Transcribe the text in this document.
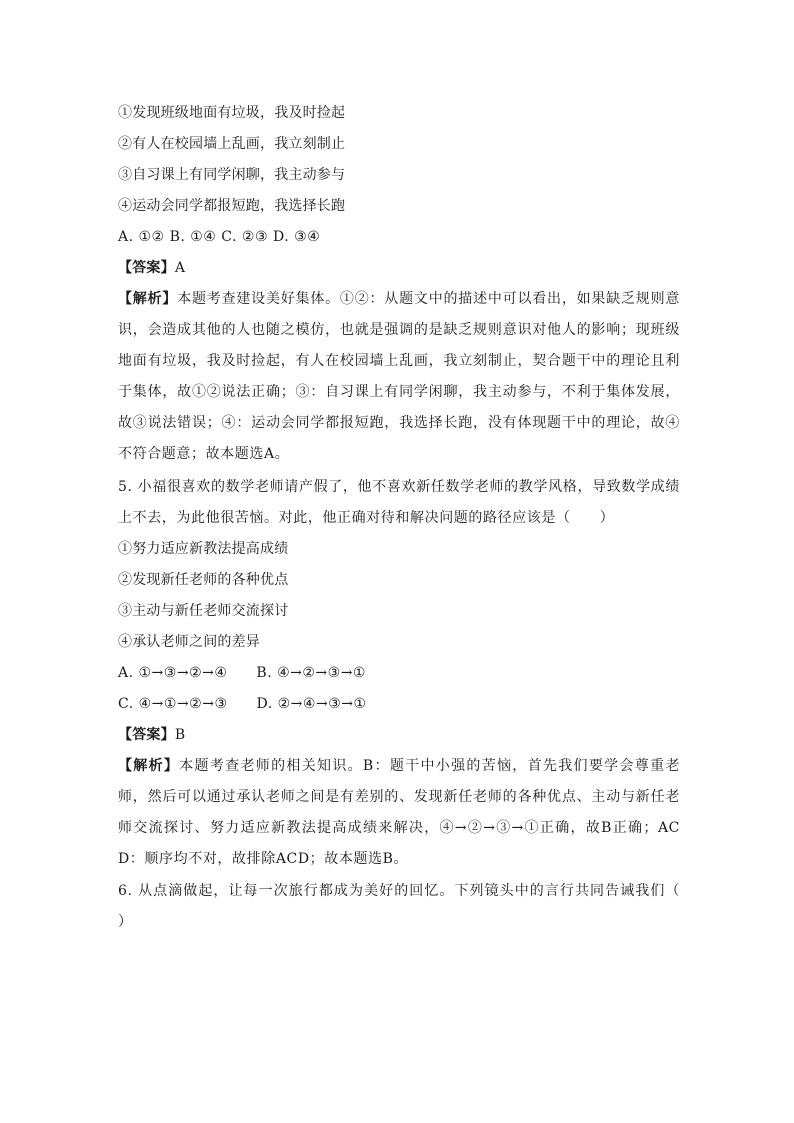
①发现班级地面有垃圾，我及时捡起
②有人在校园墙上乱画，我立刻制止
③自习课上有同学闲聊，我主动参与
④运动会同学都报短跑，我选择长跑
A. ①② B. ①④ C. ②③ D. ③④
【答案】A
【解析】本题考查建设美好集体。①②：从题文中的描述中可以看出，如果缺乏规则意识，会造成其他的人也随之模仿，也就是强调的是缺乏规则意识对他人的影响；现班级地面有垃圾，我及时捡起，有人在校园墙上乱画，我立刻制止，契合题干中的理论且利于集体，故①②说法正确；③：自习课上有同学闲聊，我主动参与，不利于集体发展，故③说法错误；④：运动会同学都报短跑，我选择长跑，没有体现题干中的理论，故④不符合题意；故本题选A。
5. 小福很喜欢的数学老师请产假了，他不喜欢新任数学老师的教学风格，导致数学成绩上不去，为此他很苦恼。对此，他正确对待和解决问题的路径应该是（　　）
①努力适应新教法提高成绩
②发现新任老师的各种优点
③主动与新任老师交流探讨
④承认老师之间的差异
A. ①→③→②→④　　B. ④→②→③→①
C. ④→①→②→③　　D. ②→④→③→①
【答案】B
【解析】本题考查老师的相关知识。B：题干中小强的苦恼，首先我们要学会尊重老师，然后可以通过承认老师之间是有差别的、发现新任老师的各种优点、主动与新任老师交流探讨、努力适应新教法提高成绩来解决，④→②→③→①正确，故B正确；ACD：顺序均不对，故排除ACD；故本题选B。
6. 从点滴做起，让每一次旅行都成为美好的回忆。下列镜头中的言行共同告诫我们（　　）
